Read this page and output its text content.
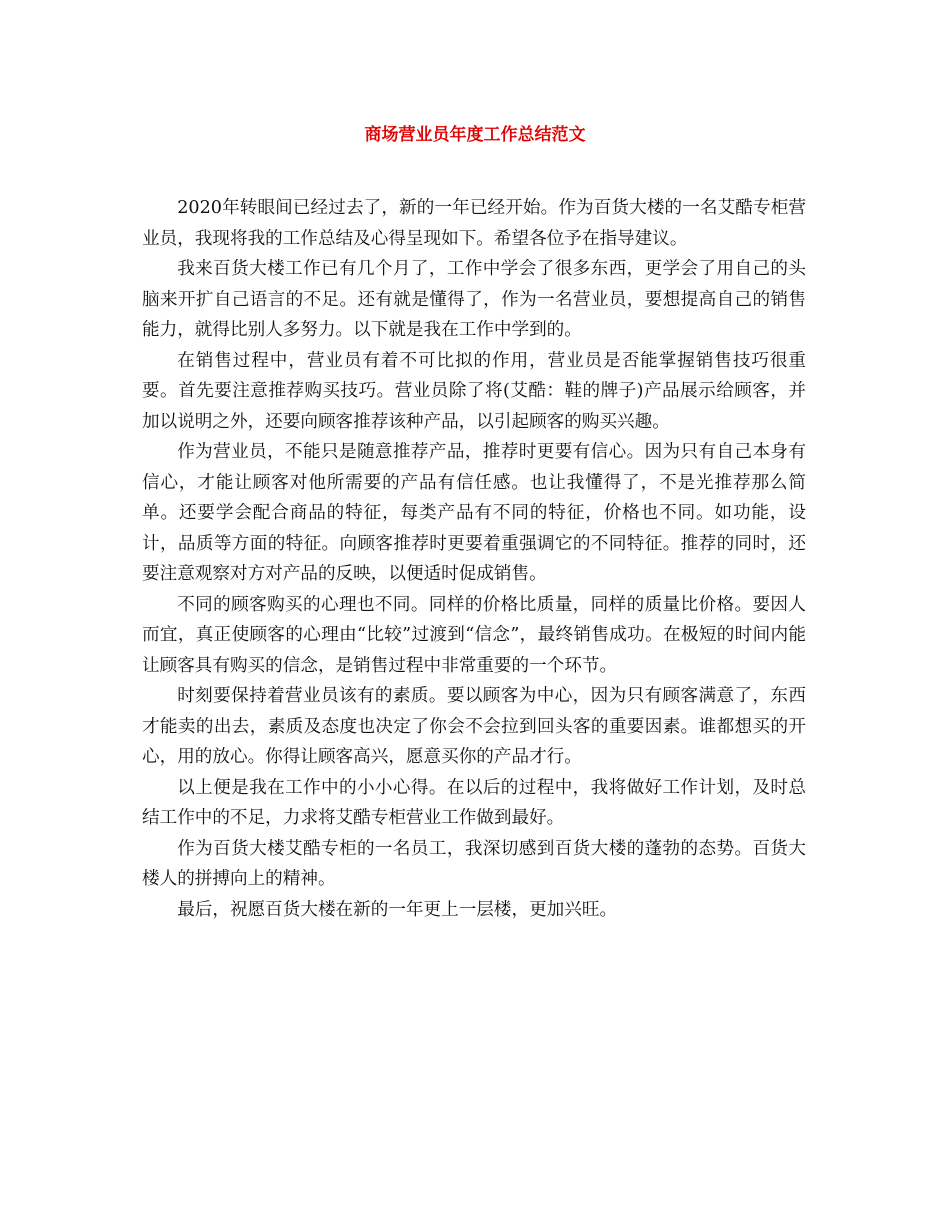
商场营业员年度工作总结范文

2020年转眼间已经过去了，新的一年已经开始。作为百货大楼的一名艾酷专柜营业员，我现将我的工作总结及心得呈现如下。希望各位予在指导建议。

我来百货大楼工作已有几个月了，工作中学会了很多东西，更学会了用自己的头脑来开扩自己语言的不足。还有就是懂得了，作为一名营业员，要想提高自己的销售能力，就得比别人多努力。以下就是我在工作中学到的。

在销售过程中，营业员有着不可比拟的作用，营业员是否能掌握销售技巧很重要。首先要注意推荐购买技巧。营业员除了将(艾酷：鞋的牌子)产品展示给顾客，并加以说明之外，还要向顾客推荐该种产品，以引起顾客的购买兴趣。

作为营业员，不能只是随意推荐产品，推荐时更要有信心。因为只有自己本身有信心，才能让顾客对他所需要的产品有信任感。也让我懂得了，不是光推荐那么简单。还要学会配合商品的特征，每类产品有不同的特征，价格也不同。如功能，设计，品质等方面的特征。向顾客推荐时更要着重强调它的不同特征。推荐的同时，还要注意观察对方对产品的反映，以便适时促成销售。

不同的顾客购买的心理也不同。同样的价格比质量，同样的质量比价格。要因人而宜，真正使顾客的心理由“比较”过渡到“信念”，最终销售成功。在极短的时间内能让顾客具有购买的信念，是销售过程中非常重要的一个环节。

时刻要保持着营业员该有的素质。要以顾客为中心，因为只有顾客满意了，东西才能卖的出去，素质及态度也决定了你会不会拉到回头客的重要因素。谁都想买的开心，用的放心。你得让顾客高兴，愿意买你的产品才行。

以上便是我在工作中的小小心得。在以后的过程中，我将做好工作计划，及时总结工作中的不足，力求将艾酷专柜营业工作做到最好。

作为百货大楼艾酷专柜的一名员工，我深切感到百货大楼的蓬勃的态势。百货大楼人的拼搏向上的精神。

最后，祝愿百货大楼在新的一年更上一层楼，更加兴旺。
